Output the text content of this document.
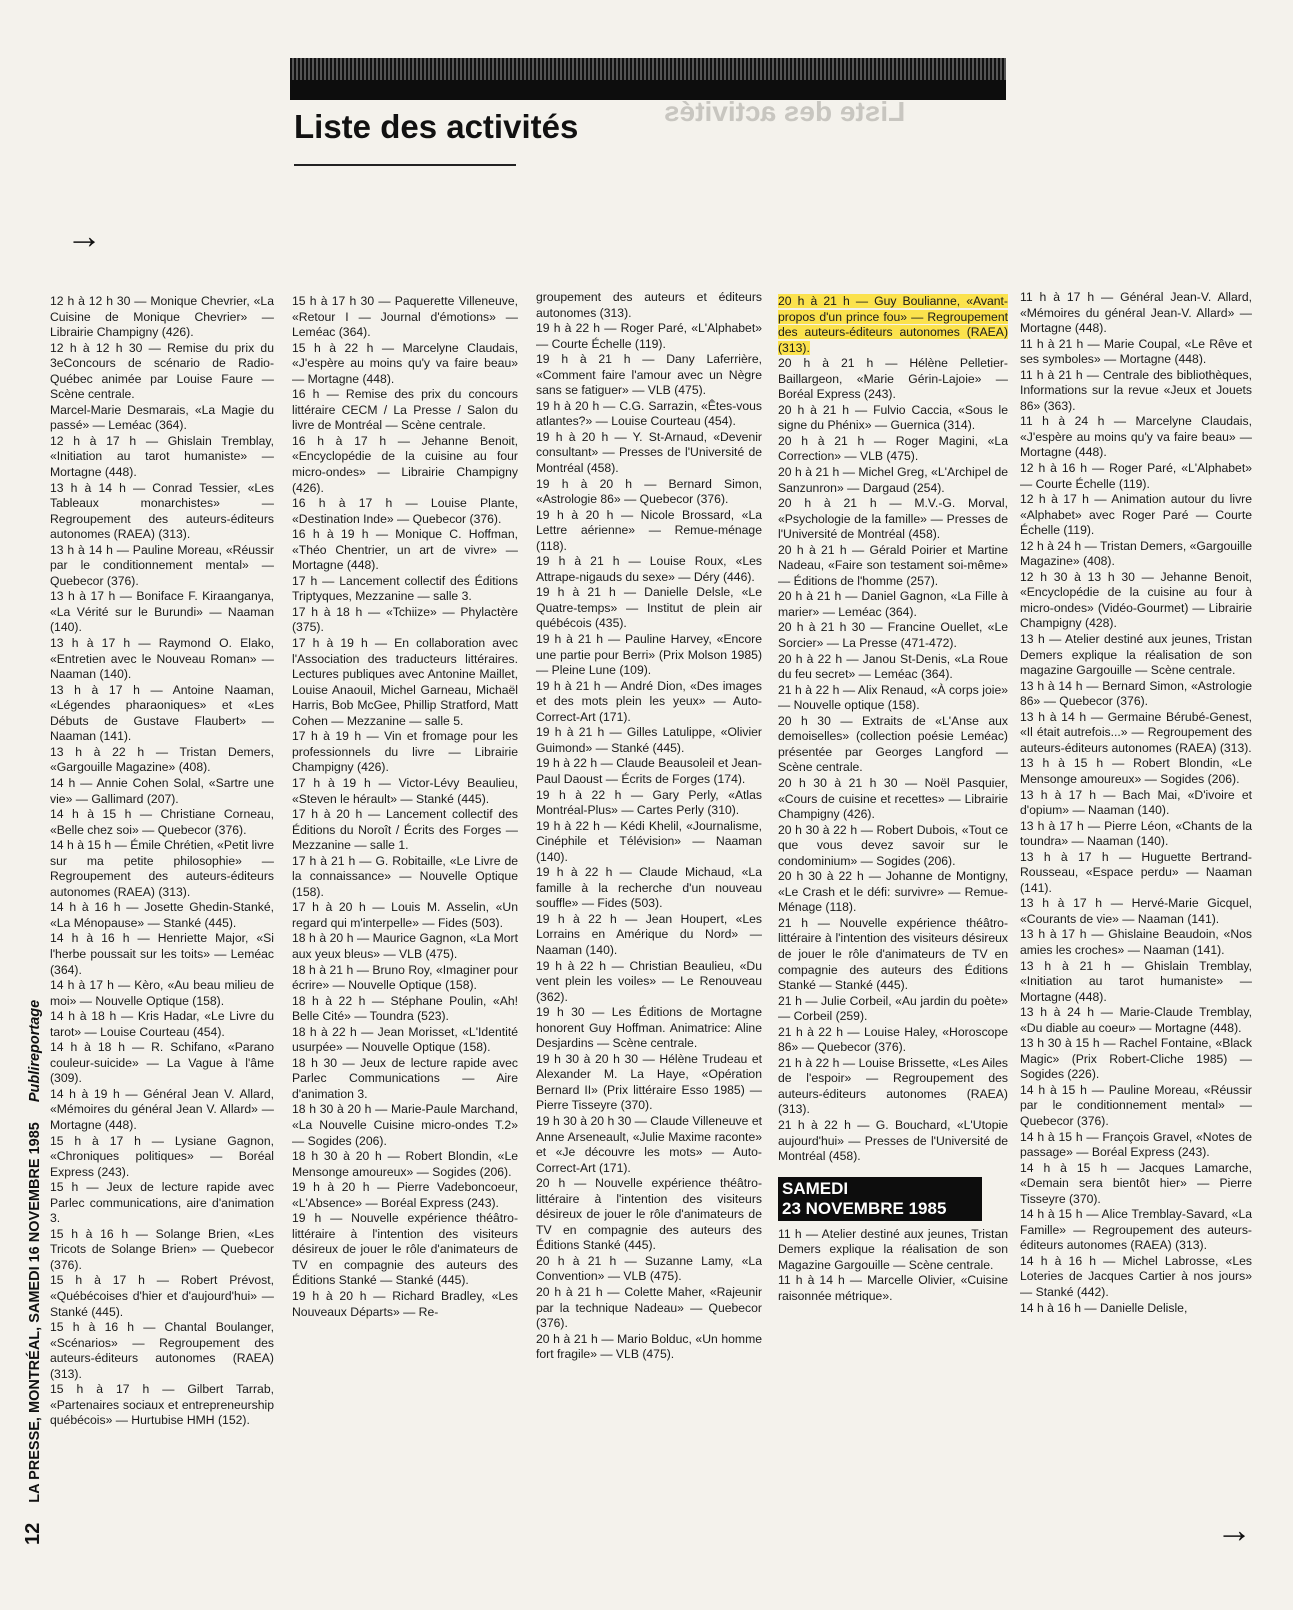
Liste des activités
Liste des activités
→
→
12 LA PRESSE, MONTRÉAL, SAMEDI 16 NOVEMBRE 1985 Publireportage

12 h à 12 h 30 — Monique Chevrier, «La Cuisine de Monique Chevrier» — Librairie Champigny (426).

12 h à 12 h 30 — Remise du prix du 3eConcours de scénario de Radio-Québec animée par Louise Faure — Scène centrale.

Marcel-Marie Desmarais, «La Magie du passé» — Leméac (364).

12 h à 17 h — Ghislain Tremblay, «Initiation au tarot humaniste» — Mortagne (448).

13 h à 14 h — Conrad Tessier, «Les Tableaux monarchistes» — Regroupement des auteurs-éditeurs autonomes (RAEA) (313).

13 h à 14 h — Pauline Moreau, «Réussir par le conditionnement mental» — Quebecor (376).

13 h à 17 h — Boniface F. Kiraanganya, «La Vérité sur le Burundi» — Naaman (140).

13 h à 17 h — Raymond O. Elako, «Entretien avec le Nouveau Roman» — Naaman (140).

13 h à 17 h — Antoine Naaman, «Légendes pharaoniques» et «Les Débuts de Gustave Flaubert» — Naaman (141).

13 h à 22 h — Tristan Demers, «Gargouille Magazine» (408).

14 h — Annie Cohen Solal, «Sartre une vie» — Gallimard (207).

14 h à 15 h — Christiane Corneau, «Belle chez soi» — Quebecor (376).

14 h à 15 h — Émile Chrétien, «Petit livre sur ma petite philosophie» — Regroupement des auteurs-éditeurs autonomes (RAEA) (313).

14 h à 16 h — Josette Ghedin-Stanké, «La Ménopause» — Stanké (445).

14 h à 16 h — Henriette Major, «Si l'herbe poussait sur les toits» — Leméac (364).

14 h à 17 h — Kèro, «Au beau milieu de moi» — Nouvelle Optique (158).

14 h à 18 h — Kris Hadar, «Le Livre du tarot» — Louise Courteau (454).

14 h à 18 h — R. Schifano, «Parano couleur-suicide» — La Vague à l'âme (309).

14 h à 19 h — Général Jean V. Allard, «Mémoires du général Jean V. Allard» — Mortagne (448).

15 h à 17 h — Lysiane Gagnon, «Chroniques politiques» — Boréal Express (243).

15 h — Jeux de lecture rapide avec Parlec communications, aire d'animation 3.

15 h à 16 h — Solange Brien, «Les Tricots de Solange Brien» — Quebecor (376).

15 h à 17 h — Robert Prévost, «Québécoises d'hier et d'aujourd'hui» — Stanké (445).

15 h à 16 h — Chantal Boulanger, «Scénarios» — Regroupement des auteurs-éditeurs autonomes (RAEA) (313).

15 h à 17 h — Gilbert Tarrab, «Partenaires sociaux et entrepreneurship québécois» — Hurtubise HMH (152).

15 h à 17 h 30 — Paquerette Villeneuve, «Retour I — Journal d'émotions» — Leméac (364).

15 h à 22 h — Marcelyne Claudais, «J'espère au moins qu'y va faire beau» — Mortagne (448).

16 h — Remise des prix du concours littéraire CECM / La Presse / Salon du livre de Montréal — Scène centrale.

16 h à 17 h — Jehanne Benoit, «Encyclopédie de la cuisine au four micro-ondes» — Librairie Champigny (426).

16 h à 17 h — Louise Plante, «Destination Inde» — Quebecor (376).

16 h à 19 h — Monique C. Hoffman, «Théo Chentrier, un art de vivre» — Mortagne (448).

17 h — Lancement collectif des Éditions Triptyques, Mezzanine — salle 3.

17 h à 18 h — «Tchiize» — Phylactère (375).

17 h à 19 h — En collaboration avec l'Association des traducteurs littéraires. Lectures publiques avec Antonine Maillet, Louise Anaouil, Michel Garneau, Michaël Harris, Bob McGee, Phillip Stratford, Matt Cohen — Mezzanine — salle 5.

17 h à 19 h — Vin et fromage pour les professionnels du livre — Librairie Champigny (426).

17 h à 19 h — Victor-Lévy Beaulieu, «Steven le hérault» — Stanké (445).

17 h à 20 h — Lancement collectif des Éditions du Noroît / Écrits des Forges — Mezzanine — salle 1.

17 h à 21 h — G. Robitaille, «Le Livre de la connaissance» — Nouvelle Optique (158).

17 h à 20 h — Louis M. Asselin, «Un regard qui m'interpelle» — Fides (503).

18 h à 20 h — Maurice Gagnon, «La Mort aux yeux bleus» — VLB (475).

18 h à 21 h — Bruno Roy, «Imaginer pour écrire» — Nouvelle Optique (158).

18 h à 22 h — Stéphane Poulin, «Ah! Belle Cité» — Toundra (523).

18 h à 22 h — Jean Morisset, «L'Identité usurpée» — Nouvelle Optique (158).

18 h 30 — Jeux de lecture rapide avec Parlec Communications — Aire d'animation 3.

18 h 30 à 20 h — Marie-Paule Marchand, «La Nouvelle Cuisine micro-ondes T.2» — Sogides (206).

18 h 30 à 20 h — Robert Blondin, «Le Mensonge amoureux» — Sogides (206).

19 h à 20 h — Pierre Vadeboncoeur, «L'Absence» — Boréal Express (243).

19 h — Nouvelle expérience théâtro-littéraire à l'intention des visiteurs désireux de jouer le rôle d'animateurs de TV en compagnie des auteurs des Éditions Stanké — Stanké (445).

19 h à 20 h — Richard Bradley, «Les Nouveaux Départs» — Re-

groupement des auteurs et éditeurs autonomes (313).

19 h à 22 h — Roger Paré, «L'Alphabet» — Courte Échelle (119).

19 h à 21 h — Dany Laferrière, «Comment faire l'amour avec un Nègre sans se fatiguer» — VLB (475).

19 h à 20 h — C.G. Sarrazin, «Êtes-vous atlantes?» — Louise Courteau (454).

19 h à 20 h — Y. St-Arnaud, «Devenir consultant» — Presses de l'Université de Montréal (458).

19 h à 20 h — Bernard Simon, «Astrologie 86» — Quebecor (376).

19 h à 20 h — Nicole Brossard, «La Lettre aérienne» — Remue-ménage (118).

19 h à 21 h — Louise Roux, «Les Attrape-nigauds du sexe» — Déry (446).

19 h à 21 h — Danielle Delsle, «Le Quatre-temps» — Institut de plein air québécois (435).

19 h à 21 h — Pauline Harvey, «Encore une partie pour Berri» (Prix Molson 1985) — Pleine Lune (109).

19 h à 21 h — André Dion, «Des images et des mots plein les yeux» — Auto-Correct-Art (171).

19 h à 21 h — Gilles Latulippe, «Olivier Guimond» — Stanké (445).

19 h à 22 h — Claude Beausoleil et Jean-Paul Daoust — Écrits de Forges (174).

19 h à 22 h — Gary Perly, «Atlas Montréal-Plus» — Cartes Perly (310).

19 h à 22 h — Kédi Khelil, «Journalisme, Cinéphile et Télévision» — Naaman (140).

19 h à 22 h — Claude Michaud, «La famille à la recherche d'un nouveau souffle» — Fides (503).

19 h à 22 h — Jean Houpert, «Les Lorrains en Amérique du Nord» — Naaman (140).

19 h à 22 h — Christian Beaulieu, «Du vent plein les voiles» — Le Renouveau (362).

19 h 30 — Les Éditions de Mortagne honorent Guy Hoffman. Animatrice: Aline Desjardins — Scène centrale.

19 h 30 à 20 h 30 — Hélène Trudeau et Alexander M. La Haye, «Opération Bernard II» (Prix littéraire Esso 1985) — Pierre Tisseyre (370).

19 h 30 à 20 h 30 — Claude Villeneuve et Anne Arseneault, «Julie Maxime raconte» et «Je découvre les mots» — Auto-Correct-Art (171).

20 h — Nouvelle expérience théâtro-littéraire à l'intention des visiteurs désireux de jouer le rôle d'animateurs de TV en compagnie des auteurs des Éditions Stanké (445).

20 h à 21 h — Suzanne Lamy, «La Convention» — VLB (475).

20 h à 21 h — Colette Maher, «Rajeunir par la technique Nadeau» — Quebecor (376).

20 h à 21 h — Mario Bolduc, «Un homme fort fragile» — VLB (475).

20 h à 21 h — Guy Boulianne, «Avant-propos d'un prince fou» — Regroupement des auteurs-éditeurs autonomes (RAEA) (313).

20 h à 21 h — Hélène Pelletier-Baillargeon, «Marie Gérin-Lajoie» — Boréal Express (243).

20 h à 21 h — Fulvio Caccia, «Sous le signe du Phénix» — Guernica (314).

20 h à 21 h — Roger Magini, «La Correction» — VLB (475).

20 h à 21 h — Michel Greg, «L'Archipel de Sanzunron» — Dargaud (254).

20 h à 21 h — M.V.-G. Morval, «Psychologie de la famille» — Presses de l'Université de Montréal (458).

20 h à 21 h — Gérald Poirier et Martine Nadeau, «Faire son testament soi-même» — Éditions de l'homme (257).

20 h à 21 h — Daniel Gagnon, «La Fille à marier» — Leméac (364).

20 h à 21 h 30 — Francine Ouellet, «Le Sorcier» — La Presse (471-472).

20 h à 22 h — Janou St-Denis, «La Roue du feu secret» — Leméac (364).

21 h à 22 h — Alix Renaud, «À corps joie» — Nouvelle optique (158).

20 h 30 — Extraits de «L'Anse aux demoiselles» (collection poésie Leméac) présentée par Georges Langford — Scène centrale.

20 h 30 à 21 h 30 — Noël Pasquier, «Cours de cuisine et recettes» — Librairie Champigny (426).

20 h 30 à 22 h — Robert Dubois, «Tout ce que vous devez savoir sur le condominium» — Sogides (206).

20 h 30 à 22 h — Johanne de Montigny, «Le Crash et le défi: survivre» — Remue-Ménage (118).

21 h — Nouvelle expérience théâtro-littéraire à l'intention des visiteurs désireux de jouer le rôle d'animateurs de TV en compagnie des auteurs des Éditions Stanké — Stanké (445).

21 h — Julie Corbeil, «Au jardin du poète» — Corbeil (259).

21 h à 22 h — Louise Haley, «Horoscope 86» — Quebecor (376).

21 h à 22 h — Louise Brissette, «Les Ailes de l'espoir» — Regroupement des auteurs-éditeurs autonomes (RAEA) (313).

21 h à 22 h — G. Bouchard, «L'Utopie aujourd'hui» — Presses de l'Université de Montréal (458).

SAMEDI
23 NOVEMBRE 1985

11 h — Atelier destiné aux jeunes, Tristan Demers explique la réalisation de son Magazine Gargouille — Scène centrale.

11 h à 14 h — Marcelle Olivier, «Cuisine raisonnée métrique».

11 h à 17 h — Général Jean-V. Allard, «Mémoires du général Jean-V. Allard» — Mortagne (448).

11 h à 21 h — Marie Coupal, «Le Rêve et ses symboles» — Mortagne (448).

11 h à 21 h — Centrale des bibliothèques, Informations sur la revue «Jeux et Jouets 86» (363).

11 h à 24 h — Marcelyne Claudais, «J'espère au moins qu'y va faire beau» — Mortagne (448).

12 h à 16 h — Roger Paré, «L'Alphabet» — Courte Échelle (119).

12 h à 17 h — Animation autour du livre «Alphabet» avec Roger Paré — Courte Échelle (119).

12 h à 24 h — Tristan Demers, «Gargouille Magazine» (408).

12 h 30 à 13 h 30 — Jehanne Benoit, «Encyclopédie de la cuisine au four à micro-ondes» (Vidéo-Gourmet) — Librairie Champigny (428).

13 h — Atelier destiné aux jeunes, Tristan Demers explique la réalisation de son magazine Gargouille — Scène centrale.

13 h à 14 h — Bernard Simon, «Astrologie 86» — Quebecor (376).

13 h à 14 h — Germaine Bérubé-Genest, «Il était autrefois...» — Regroupement des auteurs-éditeurs autonomes (RAEA) (313).

13 h à 15 h — Robert Blondin, «Le Mensonge amoureux» — Sogides (206).

13 h à 17 h — Bach Mai, «D'ivoire et d'opium» — Naaman (140).

13 h à 17 h — Pierre Léon, «Chants de la toundra» — Naaman (140).

13 h à 17 h — Huguette Bertrand-Rousseau, «Espace perdu» — Naaman (141).

13 h à 17 h — Hervé-Marie Gicquel, «Courants de vie» — Naaman (141).

13 h à 17 h — Ghislaine Beaudoin, «Nos amies les croches» — Naaman (141).

13 h à 21 h — Ghislain Tremblay, «Initiation au tarot humaniste» — Mortagne (448).

13 h à 24 h — Marie-Claude Tremblay, «Du diable au coeur» — Mortagne (448).

13 h 30 à 15 h — Rachel Fontaine, «Black Magic» (Prix Robert-Cliche 1985) — Sogides (226).

14 h à 15 h — Pauline Moreau, «Réussir par le conditionnement mental» — Quebecor (376).

14 h à 15 h — François Gravel, «Notes de passage» — Boréal Express (243).

14 h à 15 h — Jacques Lamarche, «Demain sera bientôt hier» — Pierre Tisseyre (370).

14 h à 15 h — Alice Tremblay-Savard, «La Famille» — Regroupement des auteurs-éditeurs autonomes (RAEA) (313).

14 h à 16 h — Michel Labrosse, «Les Loteries de Jacques Cartier à nos jours» — Stanké (442).

14 h à 16 h — Danielle Delisle,
